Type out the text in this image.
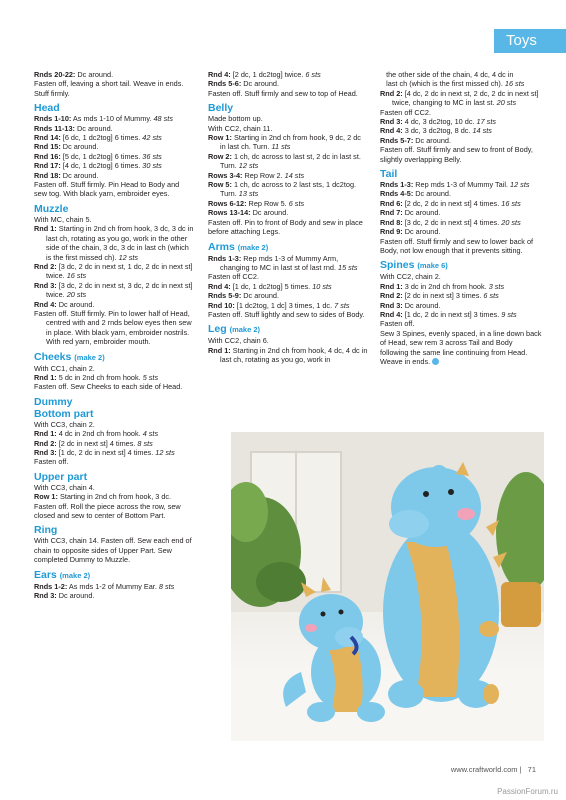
Toys

Rnds 20-22: Dc around.

Fasten off, leaving a short tail. Weave in ends. Stuff firmly.

Head

Rnds 1-10: As mds 1-10 of Mummy. 48 sts

Rnds 11-13: Dc around.

Rnd 14: [6 dc, 1 dc2tog] 6 times. 42 sts

Rnd 15: Dc around.

Rnd 16: [5 dc, 1 dc2tog] 6 times. 36 sts

Rnd 17: [4 dc, 1 dc2tog] 6 times. 30 sts

Rnd 18: Dc around.

Fasten off. Stuff firmly. Pin Head to Body and sew tog. With black yarn, embroider eyes.

Muzzle

With MC, chain 5.

Rnd 1: Starting in 2nd ch from hook, 3 dc, 3 dc in last ch, rotating as you go, work in the other side of the chain, 3 dc, 3 dc in last ch (which is the first missed ch). 12 sts

Rnd 2: [3 dc, 2 dc in next st, 1 dc, 2 dc in next st] twice. 16 sts

Rnd 3: [3 dc, 2 dc in next st, 3 dc, 2 dc in next st] twice. 20 sts

Rnd 4: Dc around.

Fasten off. Stuff firmly. Pin to lower half of Head, centred with and 2 rnds below eyes then sew in place. With black yarn, embroider nostrils. With red yarn, embroider mouth.

Cheeks (make 2)

With CC1, chain 2.

Rnd 1: 5 dc in 2nd ch from hook. 5 sts

Fasten off. Sew Cheeks to each side of Head.

Dummy
Bottom part

With CC3, chain 2.

Rnd 1: 4 dc in 2nd ch from hook. 4 sts

Rnd 2: [2 dc in next st] 4 times. 8 sts

Rnd 3: [1 dc, 2 dc in next st] 4 times. 12 sts

Fasten off.

Upper part

With CC3, chain 4.

Row 1: Starting in 2nd ch from hook, 3 dc. Fasten off. Roll the piece across the row, sew closed and sew to center of Bottom Part.

Ring

With CC3, chain 14. Fasten off. Sew each end of chain to opposite sides of Upper Part. Sew completed Dummy to Muzzle.

Ears (make 2)

Rnds 1-2: As mds 1-2 of Mummy Ear. 8 sts

Rnd 3: Dc around.

Rnd 4: [2 dc, 1 dc2tog] twice. 6 sts

Rnds 5-6: Dc around.

Fasten off. Stuff firmly and sew to top of Head.

Belly

Made bottom up.

With CC2, chain 11.

Row 1: Starting in 2nd ch from hook, 9 dc, 2 dc in last ch. Turn. 11 sts

Row 2: 1 ch, dc across to last st, 2 dc in last st. Turn. 12 sts

Rows 3-4: Rep Row 2. 14 sts

Row 5: 1 ch, dc across to 2 last sts, 1 dc2tog. Turn. 13 sts

Rows 6-12: Rep Row 5. 6 sts

Rows 13-14: Dc around.

Fasten off. Pin to front of Body and sew in place before attaching Legs.

Arms (make 2)

Rnds 1-3: Rep mds 1-3 of Mummy Arm, changing to MC in last st of last rnd. 15 sts

Fasten off CC2.

Rnd 4: [1 dc, 1 dc2tog] 5 times. 10 sts

Rnds 5-9: Dc around.

Rnd 10: [1 dc2tog, 1 dc] 3 times, 1 dc. 7 sts

Fasten off. Stuff lightly and sew to sides of Body.

Leg (make 2)

With CC2, chain 6.

Rnd 1: Starting in 2nd ch from hook, 4 dc, 4 dc in last ch, rotating as you go, work in

the other side of the chain, 4 dc, 4 dc in

last ch (which is the first missed ch). 16 sts

Rnd 2: [4 dc, 2 dc in next st, 2 dc, 2 dc in next st] twice, changing to MC in last st. 20 sts

Fasten off CC2.

Rnd 3: 4 dc, 3 dc2tog, 10 dc. 17 sts

Rnd 4: 3 dc, 3 dc2tog, 8 dc. 14 sts

Rnds 5-7: Dc around.

Fasten off. Stuff firmly and sew to front of Body, slightly overlapping Belly.

Tail

Rnds 1-3: Rep mds 1-3 of Mummy Tail. 12 sts

Rnds 4-5: Dc around.

Rnd 6: [2 dc, 2 dc in next st] 4 times. 16 sts

Rnd 7: Dc around.

Rnd 8: [3 dc, 2 dc in next st] 4 times. 20 sts

Rnd 9: Dc around.

Fasten off. Stuff firmly and sew to lower back of Body, not low enough that it prevents sitting.

Spines (make 6)

With CC2, chain 2.

Rnd 1: 3 dc in 2nd ch from hook. 3 sts

Rnd 2: [2 dc in next st] 3 times. 6 sts

Rnd 3: Dc around.

Rnd 4: [1 dc, 2 dc in next st] 3 times. 9 sts

Fasten off.

Sew 3 Spines, evenly spaced, in a line down back of Head, sew rem 3 across Tail and Body following the same line continuing from Head. Weave in ends.

www.craftworld.com | 71
PassionForum.ru
